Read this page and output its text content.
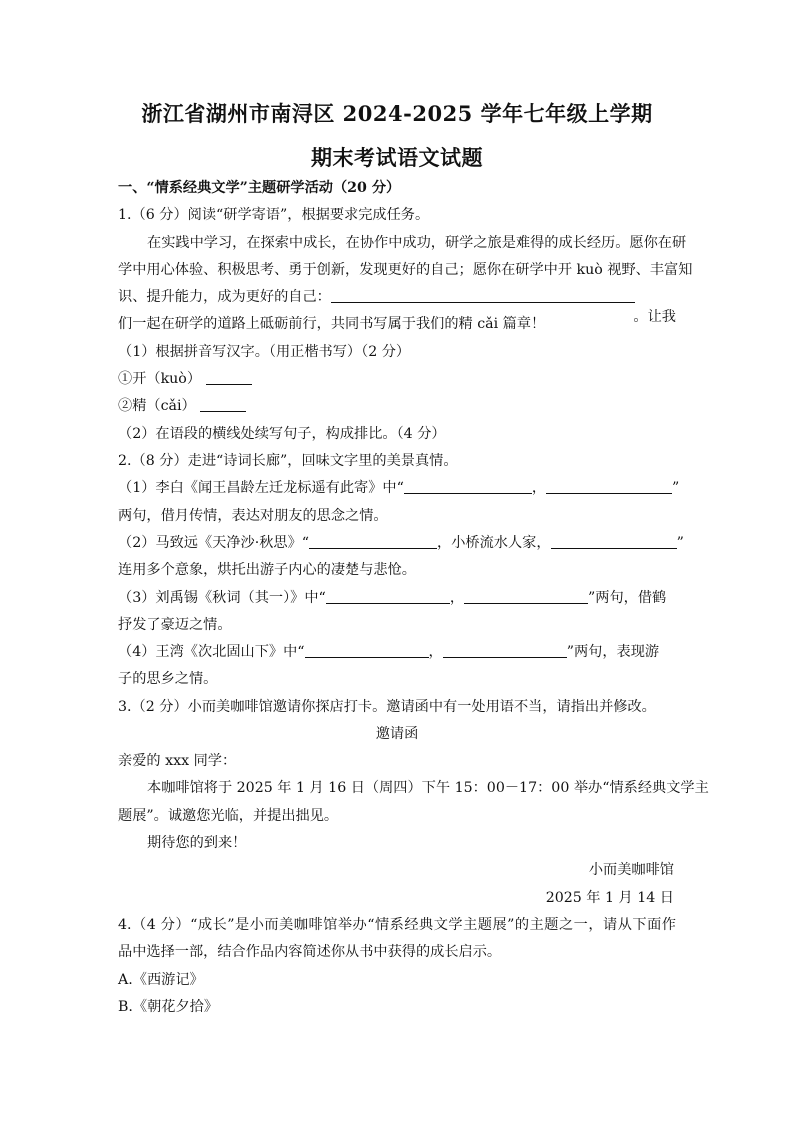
浙江省湖州市南浔区 2024-2025 学年七年级上学期
期末考试语文试题
一、“情系经典文学”主题研学活动（20 分）
1.（6 分）阅读“研学寄语”，根据要求完成任务。
在实践中学习，在探索中成长，在协作中成功，研学之旅是难得的成长经历。愿你在研
学中用心体验、积极思考、勇于创新，发现更好的自己；愿你在研学中开 kuò 视野、丰富知
识、提升能力，成为更好的自己：
。让我
们一起在研学的道路上砥砺前行，共同书写属于我们的精 cǎi 篇章！
（1）根据拼音写汉字。（用正楷书写）（2 分）
①开（kuò）
②精（cǎi）
（2）在语段的横线处续写句子，构成排比。（4 分）
2.（8 分）走进“诗词长廊”，回味文字里的美景真情。
（1）李白《闻王昌龄左迁龙标遥有此寄》中“	，	”
两句，借月传情，表达对朋友的思念之情。
（2）马致远《天净沙·秋思》“	，小桥流水人家，	”
连用多个意象，烘托出游子内心的凄楚与悲怆。
（3）刘禹锡《秋词（其一）》中“	，	”两句，借鹤
抒发了豪迈之情。
（4）王湾《次北固山下》中“	，	”两句，表现游
子的思乡之情。
3.（2 分）小而美咖啡馆邀请你探店打卡。邀请函中有一处用语不当，请指出并修改。
邀请函
亲爱的 xxx 同学：
本咖啡馆将于 2025 年 1 月 16 日（周四）下午 15：00－17：00 举办“情系经典文学主
题展”。诚邀您光临，并提出拙见。
期待您的到来！
小而美咖啡馆
2025 年 1 月 14 日
4.（4 分）“成长”是小而美咖啡馆举办“情系经典文学主题展”的主题之一，请从下面作
品中选择一部，结合作品内容简述你从书中获得的成长启示。
A.《西游记》
B.《朝花夕拾》
